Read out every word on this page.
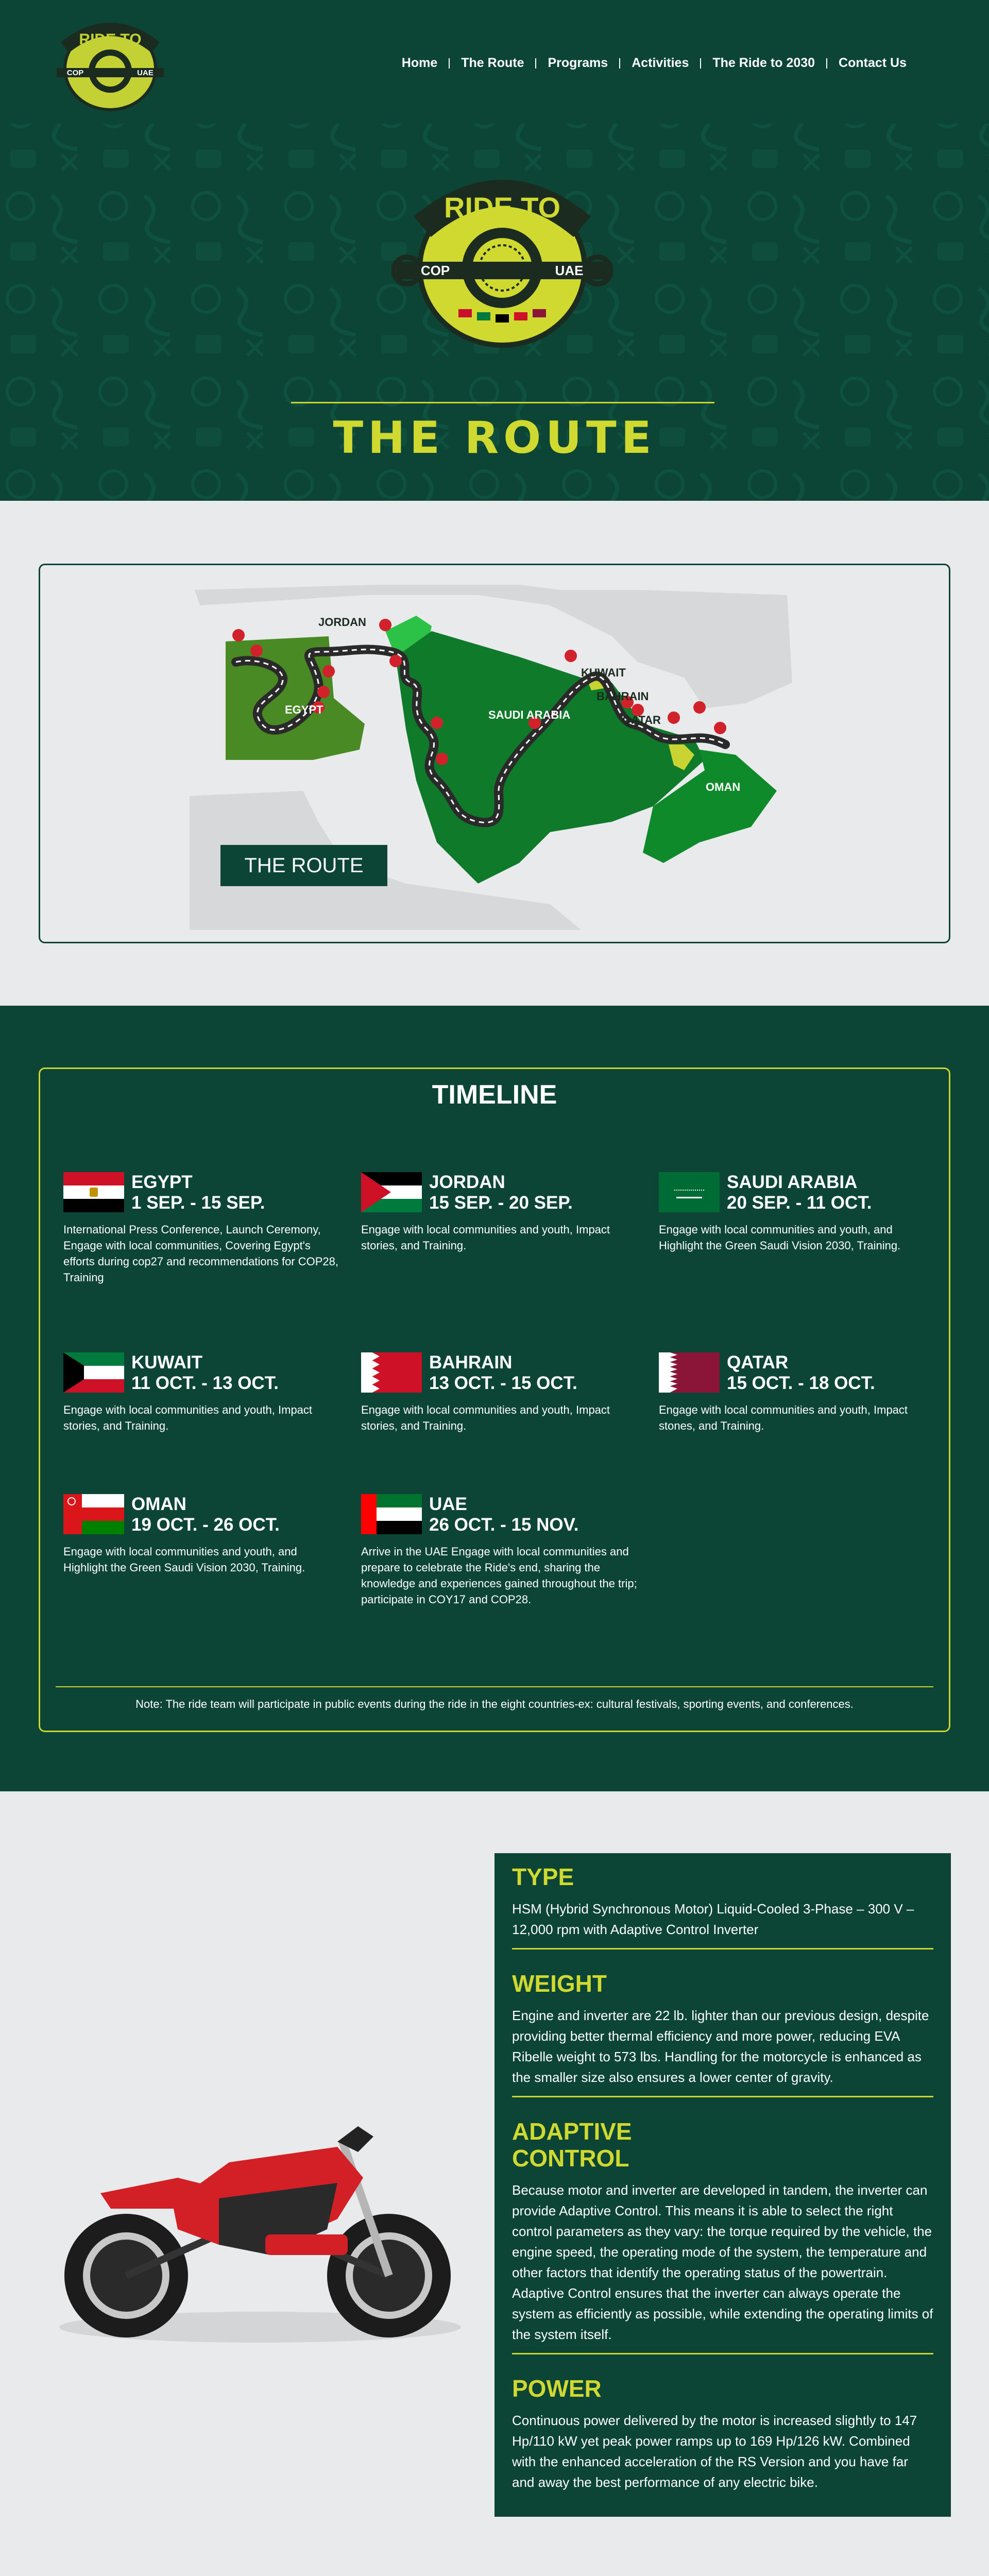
RIDE TO
COP	UAE
Home	The Route	Programs	Activities	The Ride to 2030	Contact Us
RIDE TO
COP	UAE
THE ROUTE
JORDAN
EGYPT	SAUDI ARABIA
KUWAIT
BAHRAIN
QATAR
OMAN
THE ROUTE
TIMELINE
EGYPT
1 SEP. - 15 SEP.

International Press Conference, Launch Ceremony, Engage with local communities, Covering Egypt's efforts during cop27 and recommendations for COP28, Training

JORDAN
15 SEP. - 20 SEP.

Engage with local communities and youth, Impact stories, and Training.

SAUDI ARABIA
20 SEP. - 11 OCT.

Engage with local communities and youth, and Highlight the Green Saudi Vision 2030, Training.

KUWAIT
11 OCT. - 13 OCT.

Engage with local communities and youth, Impact stories, and Training.

BAHRAIN
13 OCT. - 15 OCT.

Engage with local communities and youth, Impact stories, and Training.

QATAR
15 OCT. - 18 OCT.

Engage with local communities and youth, Impact stones, and Training.

OMAN
19 OCT. - 26 OCT.

Engage with local communities and youth, and Highlight the Green Saudi Vision 2030, Training.

UAE
26 OCT. - 15 NOV.

Arrive in the UAE Engage with local communities and prepare to celebrate the Ride's end, sharing the knowledge and experiences gained throughout the trip; participate in COY17 and COP28.

Note: The ride team will participate in public events during the ride in the eight countries-ex: cultural festivals, sporting events, and conferences.

TYPE

HSM (Hybrid Synchronous Motor) Liquid-Cooled 3-Phase – 300 V – 12,000 rpm with Adaptive Control Inverter

WEIGHT

Engine and inverter are 22 lb. lighter than our previous design, despite providing better thermal efficiency and more power, reducing EVA Ribelle weight to 573 lbs. Handling for the motorcycle is enhanced as the smaller size also ensures a lower center of gravity.

ADAPTIVE CONTROL

Because motor and inverter are developed in tandem, the inverter can provide Adaptive Control. This means it is able to select the right control parameters as they vary: the torque required by the vehicle, the engine speed, the operating mode of the system, the temperature and other factors that identify the operating status of the powertrain. Adaptive Control ensures that the inverter can always operate the system as efficiently as possible, while extending the operating limits of the system itself.

POWER

Continuous power delivered by the motor is increased slightly to 147 Hp/110 kW yet peak power ramps up to 169 Hp/126 kW. Combined with the enhanced acceleration of the RS Version and you have far and away the best performance of any electric bike.
